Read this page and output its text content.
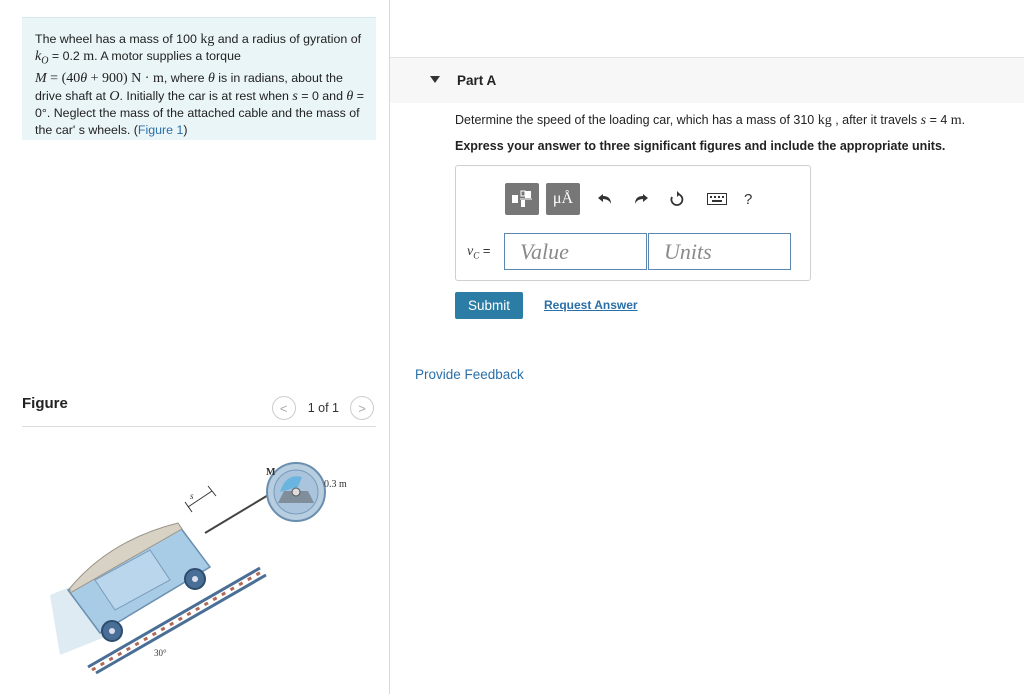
The wheel has a mass of 100 kg and a radius of gyration of $k_O = 0.2$ m. A motor supplies a torque
M = (40θ + 900) N · m, where θ is in radians, about the drive shaft at O. Initially the car is at rest when s = 0 and θ = 0°. Neglect the mass of the attached cable and the mass of the car' s wheels. (Figure 1)
Figure	< 1 of 1 >
s
M
0.3 m
30°
Part A
Determine the speed of the loading car, which has a mass of 310 kg , after it travels s = 4 m.
Express your answer to three significant figures and include the appropriate units.
μÅ	?
$v_C$ =	Value	Units
Submit	Request Answer
Provide Feedback
